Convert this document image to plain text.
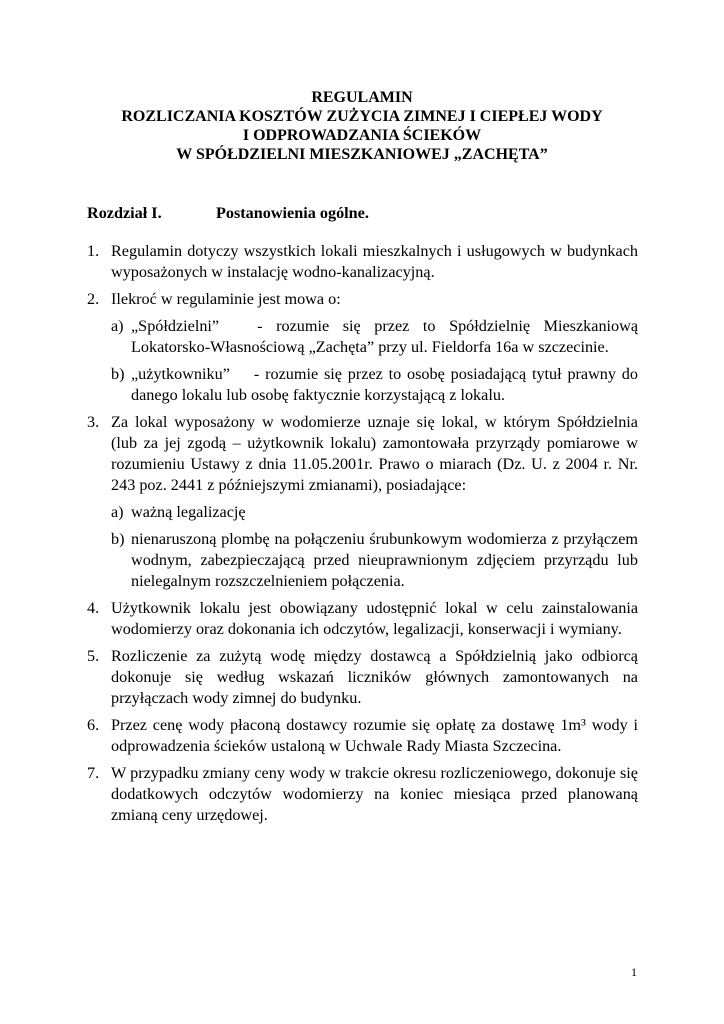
REGULAMIN
ROZLICZANIA KOSZTÓW ZUŻYCIA ZIMNEJ I CIEPŁEJ WODY
I ODPROWADZANIA ŚCIEKÓW
W SPÓŁDZIELNI MIESZKANIOWEJ „ZACHĘTA”
Rozdział I.	Postanowienia ogólne.
1. Regulamin dotyczy wszystkich lokali mieszkalnych i usługowych w budynkach wyposażonych w instalację wodno-kanalizacyjną.

2. Ilekroć w regulaminie jest mowa o:

a) „Spółdzielni” - rozumie się przez to Spółdzielnię Mieszkaniową Lokatorsko-Własnościową „Zachęta” przy ul. Fieldorfa 16a w szczecinie.

b) „użytkowniku” - rozumie się przez to osobę posiadającą tytuł prawny do danego lokalu lub osobę faktycznie korzystającą z lokalu.

3. Za lokal wyposażony w wodomierze uznaje się lokal, w którym Spółdzielnia (lub za jej zgodą – użytkownik lokalu) zamontowała przyrządy pomiarowe w rozumieniu Ustawy z dnia 11.05.2001r. Prawo o miarach (Dz. U. z 2004 r. Nr. 243 poz. 2441 z późniejszymi zmianami), posiadające:

a) ważną legalizację

b) nienaruszoną plombę na połączeniu śrubunkowym wodomierza z przyłączem wodnym, zabezpieczającą przed nieuprawnionym zdjęciem przyrządu lub nielegalnym rozszczelnieniem połączenia.

4. Użytkownik lokalu jest obowiązany udostępnić lokal w celu zainstalowania wodomierzy oraz dokonania ich odczytów, legalizacji, konserwacji i wymiany.

5. Rozliczenie za zużytą wodę między dostawcą a Spółdzielnią jako odbiorcą dokonuje się według wskazań liczników głównych zamontowanych na przyłączach wody zimnej do budynku.

6. Przez cenę wody płaconą dostawcy rozumie się opłatę za dostawę 1m³ wody i odprowadzenia ścieków ustaloną w Uchwale Rady Miasta Szczecina.

7. W przypadku zmiany ceny wody w trakcie okresu rozliczeniowego, dokonuje się dodatkowych odczytów wodomierzy na koniec miesiąca przed planowaną zmianą ceny urzędowej.

1
